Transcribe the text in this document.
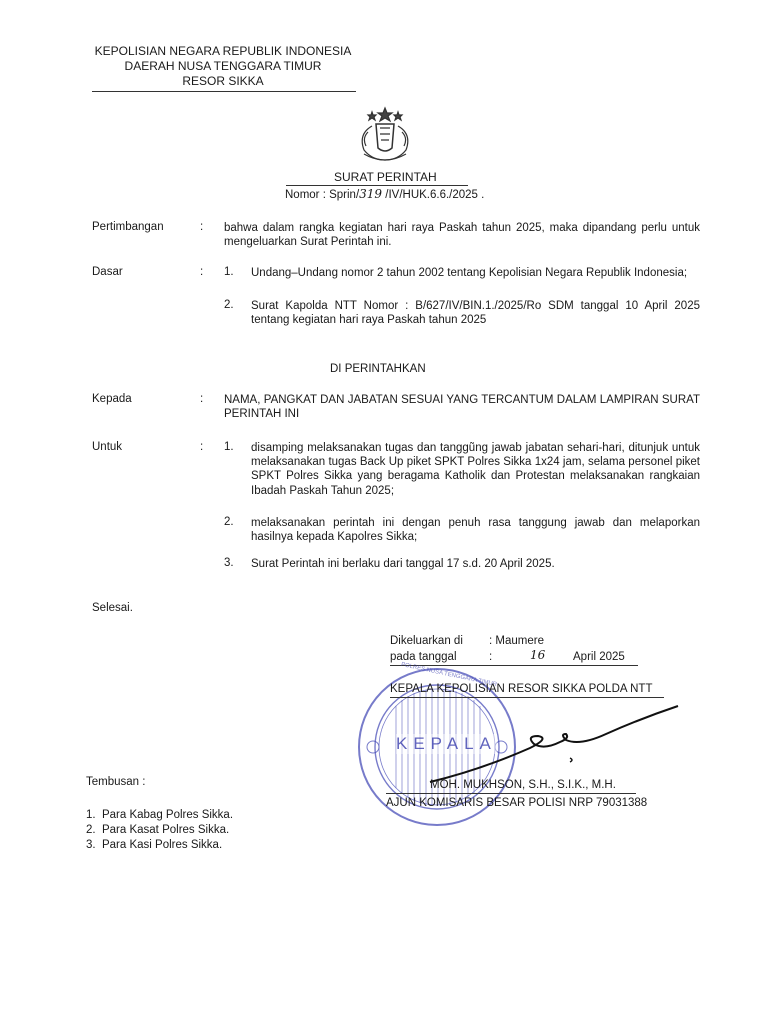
KEPOLISIAN NEGARA REPUBLIK INDONESIA
DAERAH NUSA TENGGARA TIMUR
RESOR SIKKA
SURAT PERINTAH
Nomor : Sprin/319 /IV/HUK.6.6./2025 .
Pertimbangan	: bahwa dalam rangka kegiatan hari raya Paskah tahun 2025, maka dipandang perlu untuk mengeluarkan Surat Perintah ini.
Dasar	: 1. Undang–Undang nomor 2 tahun 2002 tentang Kepolisian Negara Republik Indonesia;
2. Surat Kapolda NTT Nomor : B/627/IV/BIN.1./2025/Ro SDM tanggal 10 April 2025 tentang kegiatan hari raya Paskah tahun 2025
DI PERINTAHKAN
Kepada	: NAMA, PANGKAT DAN JABATAN SESUAI YANG TERCANTUM DALAM LAMPIRAN SURAT PERINTAH INI
Untuk	: 1. disamping melaksanakan tugas dan tanggũng jawab jabatan sehari-hari, ditunjuk untuk melaksanakan tugas Back Up piket SPKT Polres Sikka 1x24 jam, selama personel piket SPKT Polres Sikka yang beragama Katholik dan Protestan melaksanakan rangkaian Ibadah Paskah Tahun 2025;
2. melaksanakan perintah ini dengan penuh rasa tanggung jawab dan melaporkan hasilnya kepada Kapolres Sikka;
3. Surat Perintah ini berlaku dari tanggal 17 s.d. 20 April 2025.
Selesai.
Dikeluarkan di : Maumere
pada tanggal	:	16 April 2025
KEPALA
POLRES NUSA TENGGARA TIMUR
KEPALA KEPOLISIAN RESOR SIKKA POLDA NTT
MOH. MUKHSON, S.H., S.I.K., M.H.
AJUN KOMISARIS BESAR POLISI NRP 79031388
Tembusan :
1. Para Kabag Polres Sikka.
2. Para Kasat Polres Sikka.
3. Para Kasi Polres Sikka.
